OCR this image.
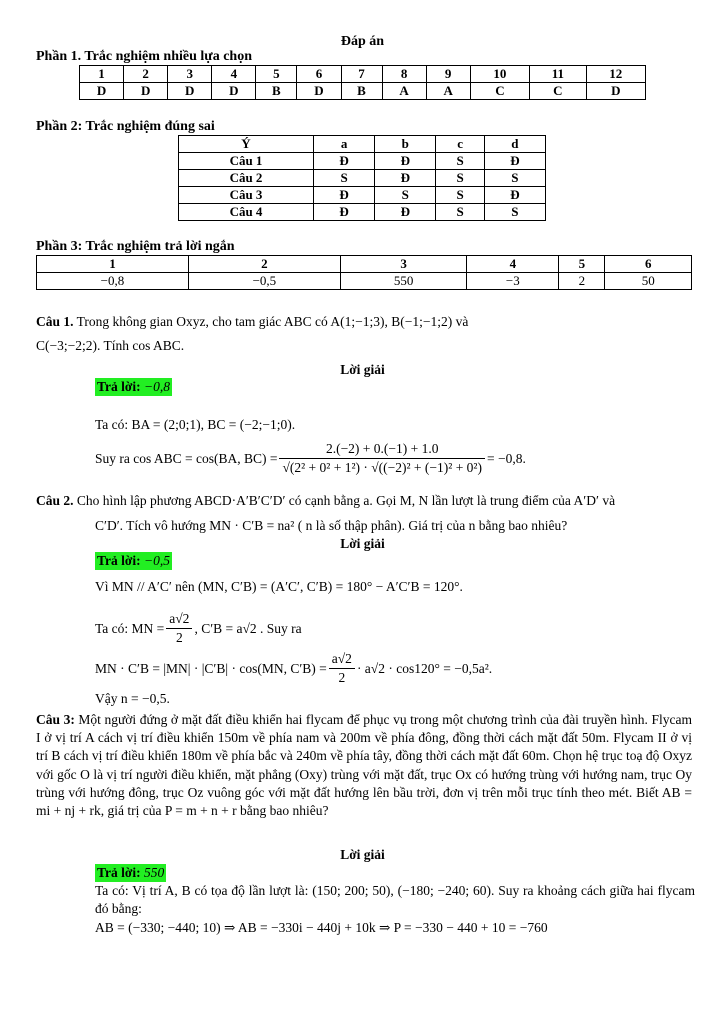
Đáp án
Phần 1. Trắc nghiệm nhiều lựa chọn
1	2	3	4	5	6	7	8	9	10	11	12
D	D	D	D	B	D	B	A	A	C	C	D
Phần 2: Trắc nghiệm đúng sai
Ý	a	b	c	d
Câu 1	Đ	Đ	S	Đ
Câu 2	S	Đ	S	S
Câu 3	Đ	S	S	Đ
Câu 4	Đ	Đ	S	S
Phần 3: Trắc nghiệm trả lời ngắn
1	2	3	4	5	6
−0,8	−0,5	550	−3	2	50
Câu 1. Trong không gian Oxyz, cho tam giác ABC có A(1;−1;3), B(−1;−1;2) và
C(−3;−2;2). Tính cos ABC.
Lời giải
Trả lời: −0,8
Ta có: BA = (2;0;1), BC = (−2;−1;0).
Suy ra cos ABC = cos(BA, $BC) = \frac{2.(-2) + 0.(-1) + 1.0}{\text{√(2² + 0² + 1²) · √((−2)² + (−1)² + 0²)}} = -0,8$.
Câu 2. Cho hình lập phương ABCD·A′B′C′D′ có cạnh bằng a. Gọi M, N lần lượt là trung điểm của A′D′ và
C′D′. Tích vô hướng MN · C′B = na² ( n là số thập phân). Giá trị của n bằng bao nhiêu?
Lời giải
Trả lời: −0,5
Vì MN // A′C′ nên (MN, C′B) = (A′C′, C′B) = 180° − A′C′B = 120°.
Ta có: MN = $\frac{a√2}{2}$ , C′B = a√2 . Suy ra
MN · C′B = |MN| · |C′B| · cos(MN, $C'B) = \frac{a√2}{2} \cdot a√2 \cdot \cos 120^\circ = -0,5a^2$.
Vậy n = −0,5.
Câu 3: Một người đứng ở mặt đất điều khiển hai flycam để phục vụ trong một chương trình của đài truyền hình. Flycam I ở vị trí A cách vị trí điều khiển 150m về phía nam và 200m về phía đông, đồng thời cách mặt đất 50m. Flycam II ở vị trí B cách vị trí điều khiển 180m về phía bắc và 240m về phía tây, đồng thời cách mặt đất 60m. Chọn hệ trục toạ độ Oxyz với gốc O là vị trí người điều khiển, mặt phẳng (Oxy) trùng với mặt đất, trục Ox có hướng trùng với hướng nam, trục Oy trùng với hướng đông, trục Oz vuông góc với mặt đất hướng lên bầu trời, đơn vị trên mỗi trục tính theo mét. Biết AB = mi + nj + rk, giá trị của P = m + n + r bằng bao nhiêu?
Lời giải
Trả lời: 550
Ta có: Vị trí A, B có tọa độ lần lượt là: (150; 200; 50), (−180; −240; 60). Suy ra khoảng cách giữa hai flycam đó bằng:
AB = (−330; −440; 10) ⇒ AB = −330i − 440j + 10k ⇒ P = −330 − 440 + 10 = −760
